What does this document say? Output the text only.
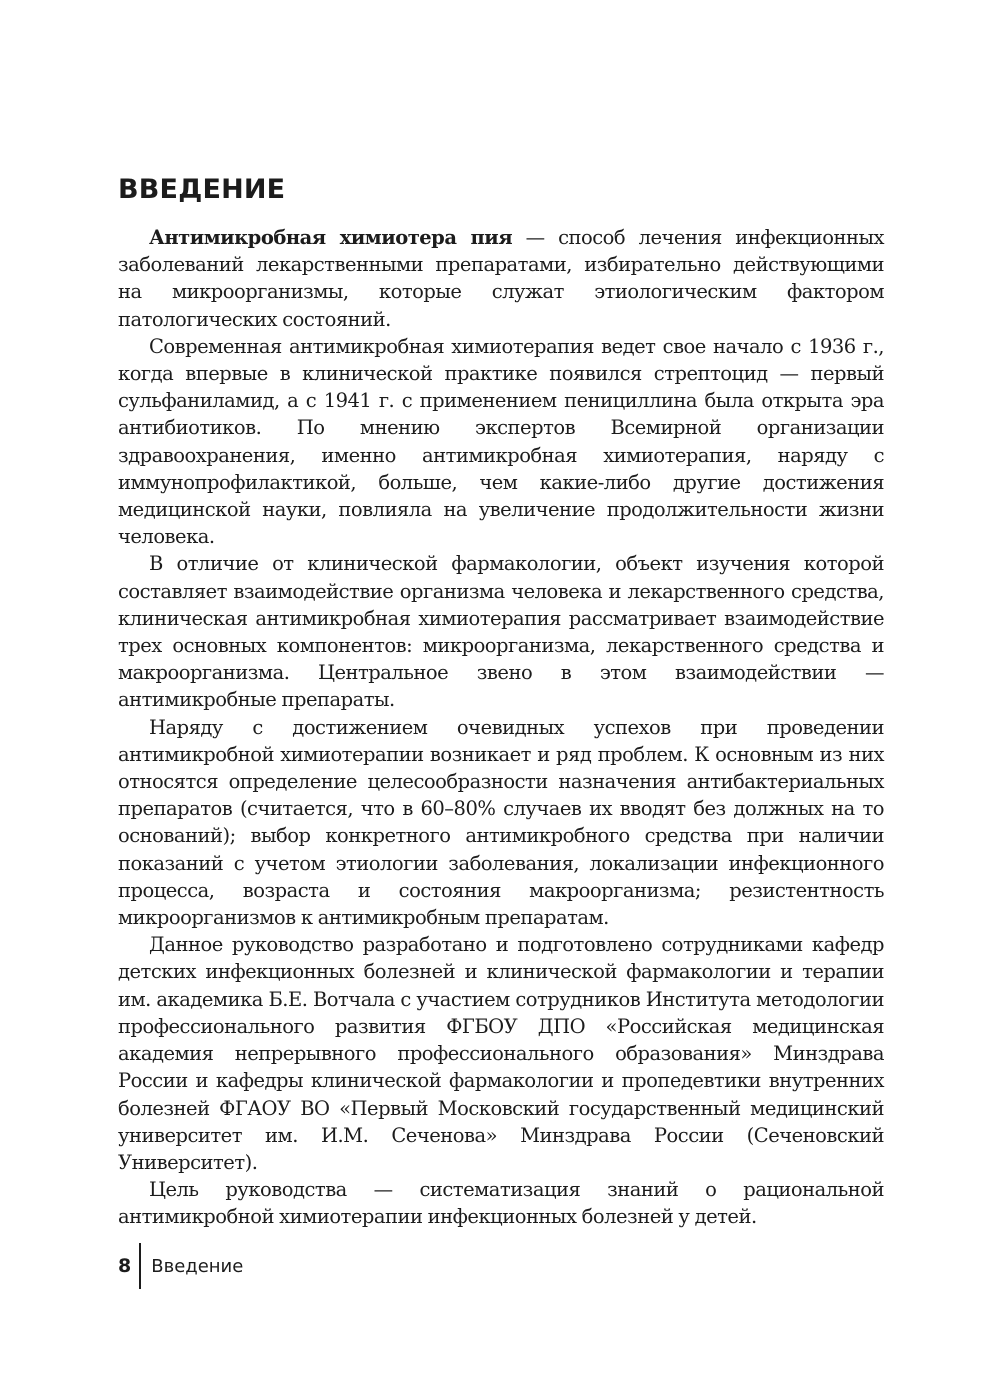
ВВЕДЕНИЕ

Антимикробная химиотера пия — способ лечения инфекционных заболеваний лекарственными препаратами, избирательно действующими на микроорганизмы, которые служат этиологическим фактором патологических состояний.

Современная антимикробная химиотерапия ведет свое начало с 1936 г., когда впервые в клинической практике появился стрептоцид — первый сульфаниламид, а с 1941 г. с применением пенициллина была открыта эра антибиотиков. По мнению экспертов Всемирной организации здравоохранения, именно антимикробная химиотерапия, наряду с иммунопрофилактикой, больше, чем какие-либо другие достижения медицинской науки, повлияла на увеличение продолжительности жизни человека.

В отличие от клинической фармакологии, объект изучения которой составляет взаимодействие организма человека и лекарственного средства, клиническая антимикробная химиотерапия рассматривает взаимодействие трех основных компонентов: микроорганизма, лекарственного средства и макроорганизма. Центральное звено в этом взаимодействии — антимикробные препараты.

Наряду с достижением очевидных успехов при проведении антимикробной химиотерапии возникает и ряд проблем. К основным из них относятся определение целесообразности назначения антибактериальных препаратов (считается, что в 60–80% случаев их вводят без должных на то оснований); выбор конкретного антимикробного средства при наличии показаний с учетом этиологии заболевания, локализации инфекционного процесса, возраста и состояния макроорганизма; резистентность микроорганизмов к антимикробным препаратам.

Данное руководство разработано и подготовлено сотрудниками кафедр детских инфекционных болезней и клинической фармакологии и терапии им. академика Б.Е. Вотчала с участием сотрудников Института методологии профессионального развития ФГБОУ ДПО «Российская медицинская академия непрерывного профессионального образования» Минздрава России и кафедры клинической фармакологии и пропедевтики внутренних болезней ФГАОУ ВО «Первый Московский государственный медицинский университет им. И.М. Сеченова» Минздрава России (Сеченовский Университет).

Цель руководства — систематизация знаний о рациональной антимикробной химиотерапии инфекционных болезней у детей.

8	Введение
